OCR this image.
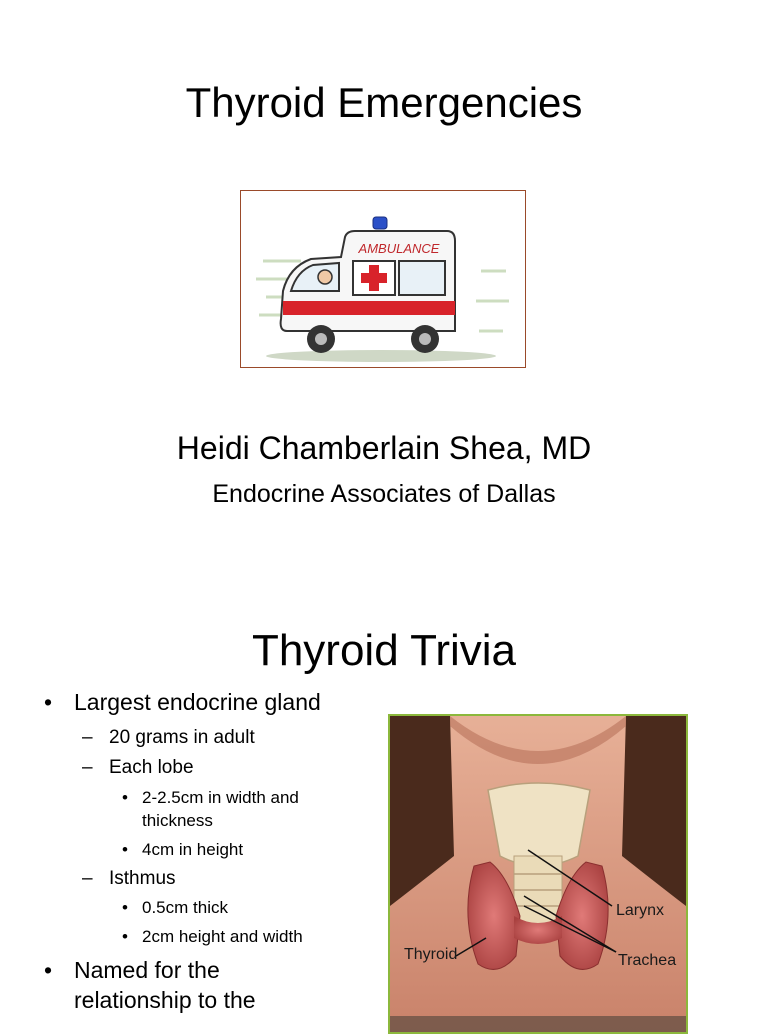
Thyroid Emergencies
AMBULANCE
Heidi Chamberlain Shea, MD
Endocrine Associates of Dallas
Thyroid Trivia
• Largest endocrine gland
– 20 grams in adult
– Each lobe
• 2-2.5cm in width and
thickness
• 4cm in height
– Isthmus
• 0.5cm thick
• 2cm height and width
• Named for the
relationship to the
Larynx
Thyroid	Trachea
